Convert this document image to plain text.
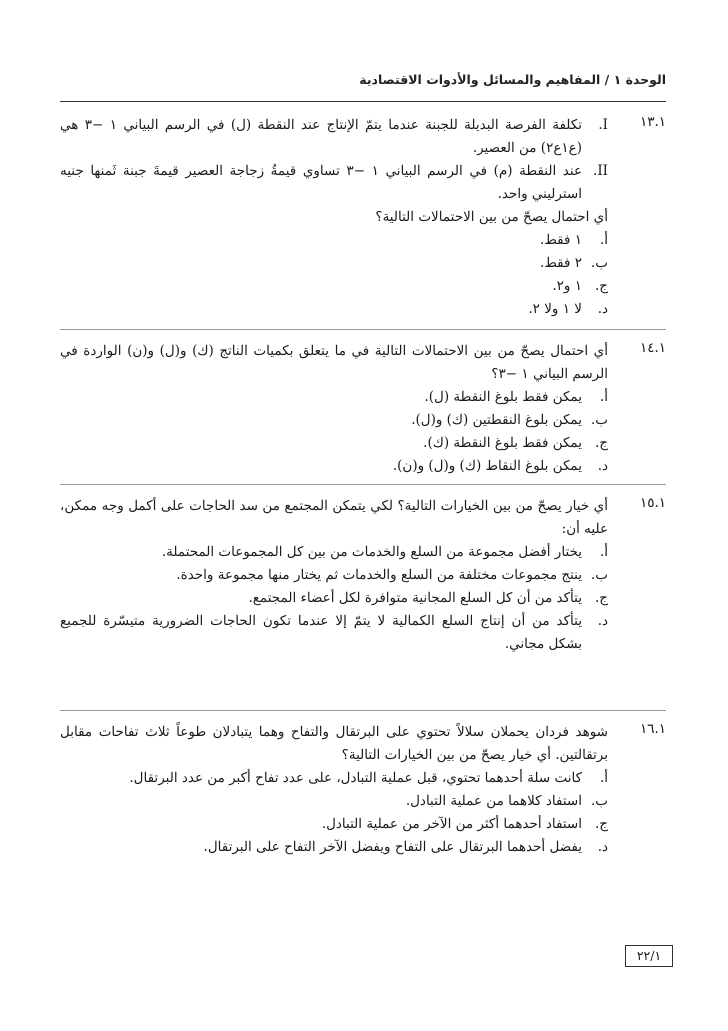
الوحدة ١ / المفاهيم والمسائل والأدوات الاقتصادية
١٣.١
I.
تكلفة الفرصة البديلة للجبنة عندما يتمّ الإنتاج عند النقطة (ل) في الرسم البياني ١ −٣ هي (ع١ع٢) من العصير.
II.
عند النقطة (م) في الرسم البياني ١ −٣ تساوي قيمةُ زجاجة العصير قيمةَ جبنة ثَمنها جنيه استرليني واحد.

أي احتمال يصحّ من بين الاحتمالات التالية؟

أ.
١ فقط.
ب.
٢ فقط.
ج.
١ و٢.
د.
لا ١ ولا ٢.
١٤.١

أي احتمال يصحّ من بين الاحتمالات التالية في ما يتعلق بكميات الناتج (ك) و(ل) و(ن) الواردة في الرسم البياني ١ −٣؟

أ.
يمكن فقط بلوغ النقطة (ل).
ب.
يمكن بلوغ النقطتين (ك) و(ل).
ج.
يمكن فقط بلوغ النقطة (ك).
د.
يمكن بلوغ النقاط (ك) و(ل) و(ن).
١٥.١

أي خيار يصحّ من بين الخيارات التالية؟ لكي يتمكن المجتمع من سد الحاجات على أكمل وجه ممكن، عليه أن:

أ.
يختار أفضل مجموعة من السلع والخدمات من بين كل المجموعات المحتملة.
ب.
ينتج مجموعات مختلفة من السلع والخدمات ثم يختار منها مجموعة واحدة.
ج.
يتأكد من أن كل السلع المجانية متوافرة لكل أعضاء المجتمع.
د.
يتأكد من أن إنتاج السلع الكمالية لا يتمّ إلا عندما تكون الحاجات الضرورية متيسّرة للجميع بشكل مجاني.
١٦.١

شوهد فردان يحملان سلالاً تحتوي على البرتقال والتفاح وهما يتبادلان طوعاً ثلاث تفاحات مقابل برتقالتين. أي خيار يصحّ من بين الخيارات التالية؟

أ.
كانت سلة أحدهما تحتوي، قبل عملية التبادل، على عدد تفاح أكبر من عدد البرتقال.
ب.
استفاد كلاهما من عملية التبادل.
ج.
استفاد أحدهما أكثر من الآخر من عملية التبادل.
د.
يفضل أحدهما البرتقال على التفاح ويفضل الآخر التفاح على البرتقال.
٢٢/١
